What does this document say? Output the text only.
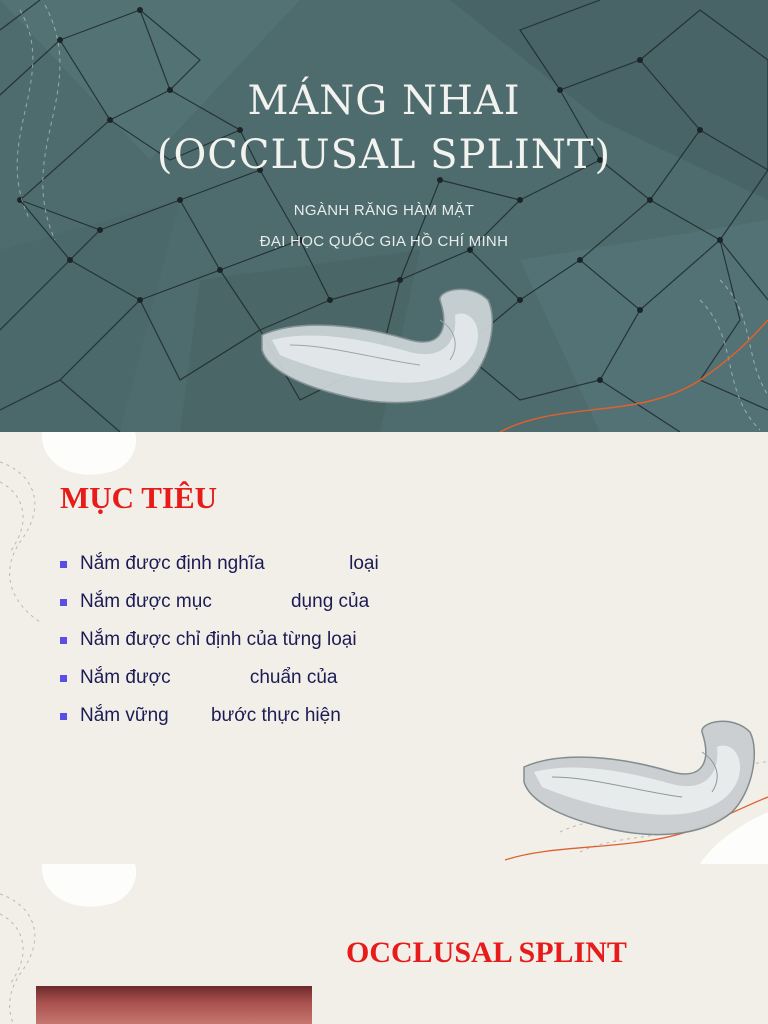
MÁNG NHAI
(OCCLUSAL SPLINT)

NGÀNH RĂNG HÀM MẶT

ĐẠI HỌC QUỐC GIA HỒ CHÍ MINH

MỤC TIÊU
Nắm được định nghĩa                loại
Nắm được mục               dụng của
Nắm được chỉ định của từng loại
Nắm được               chuẩn của
Nắm vững        bước thực hiện
OCCLUSAL SPLINT
